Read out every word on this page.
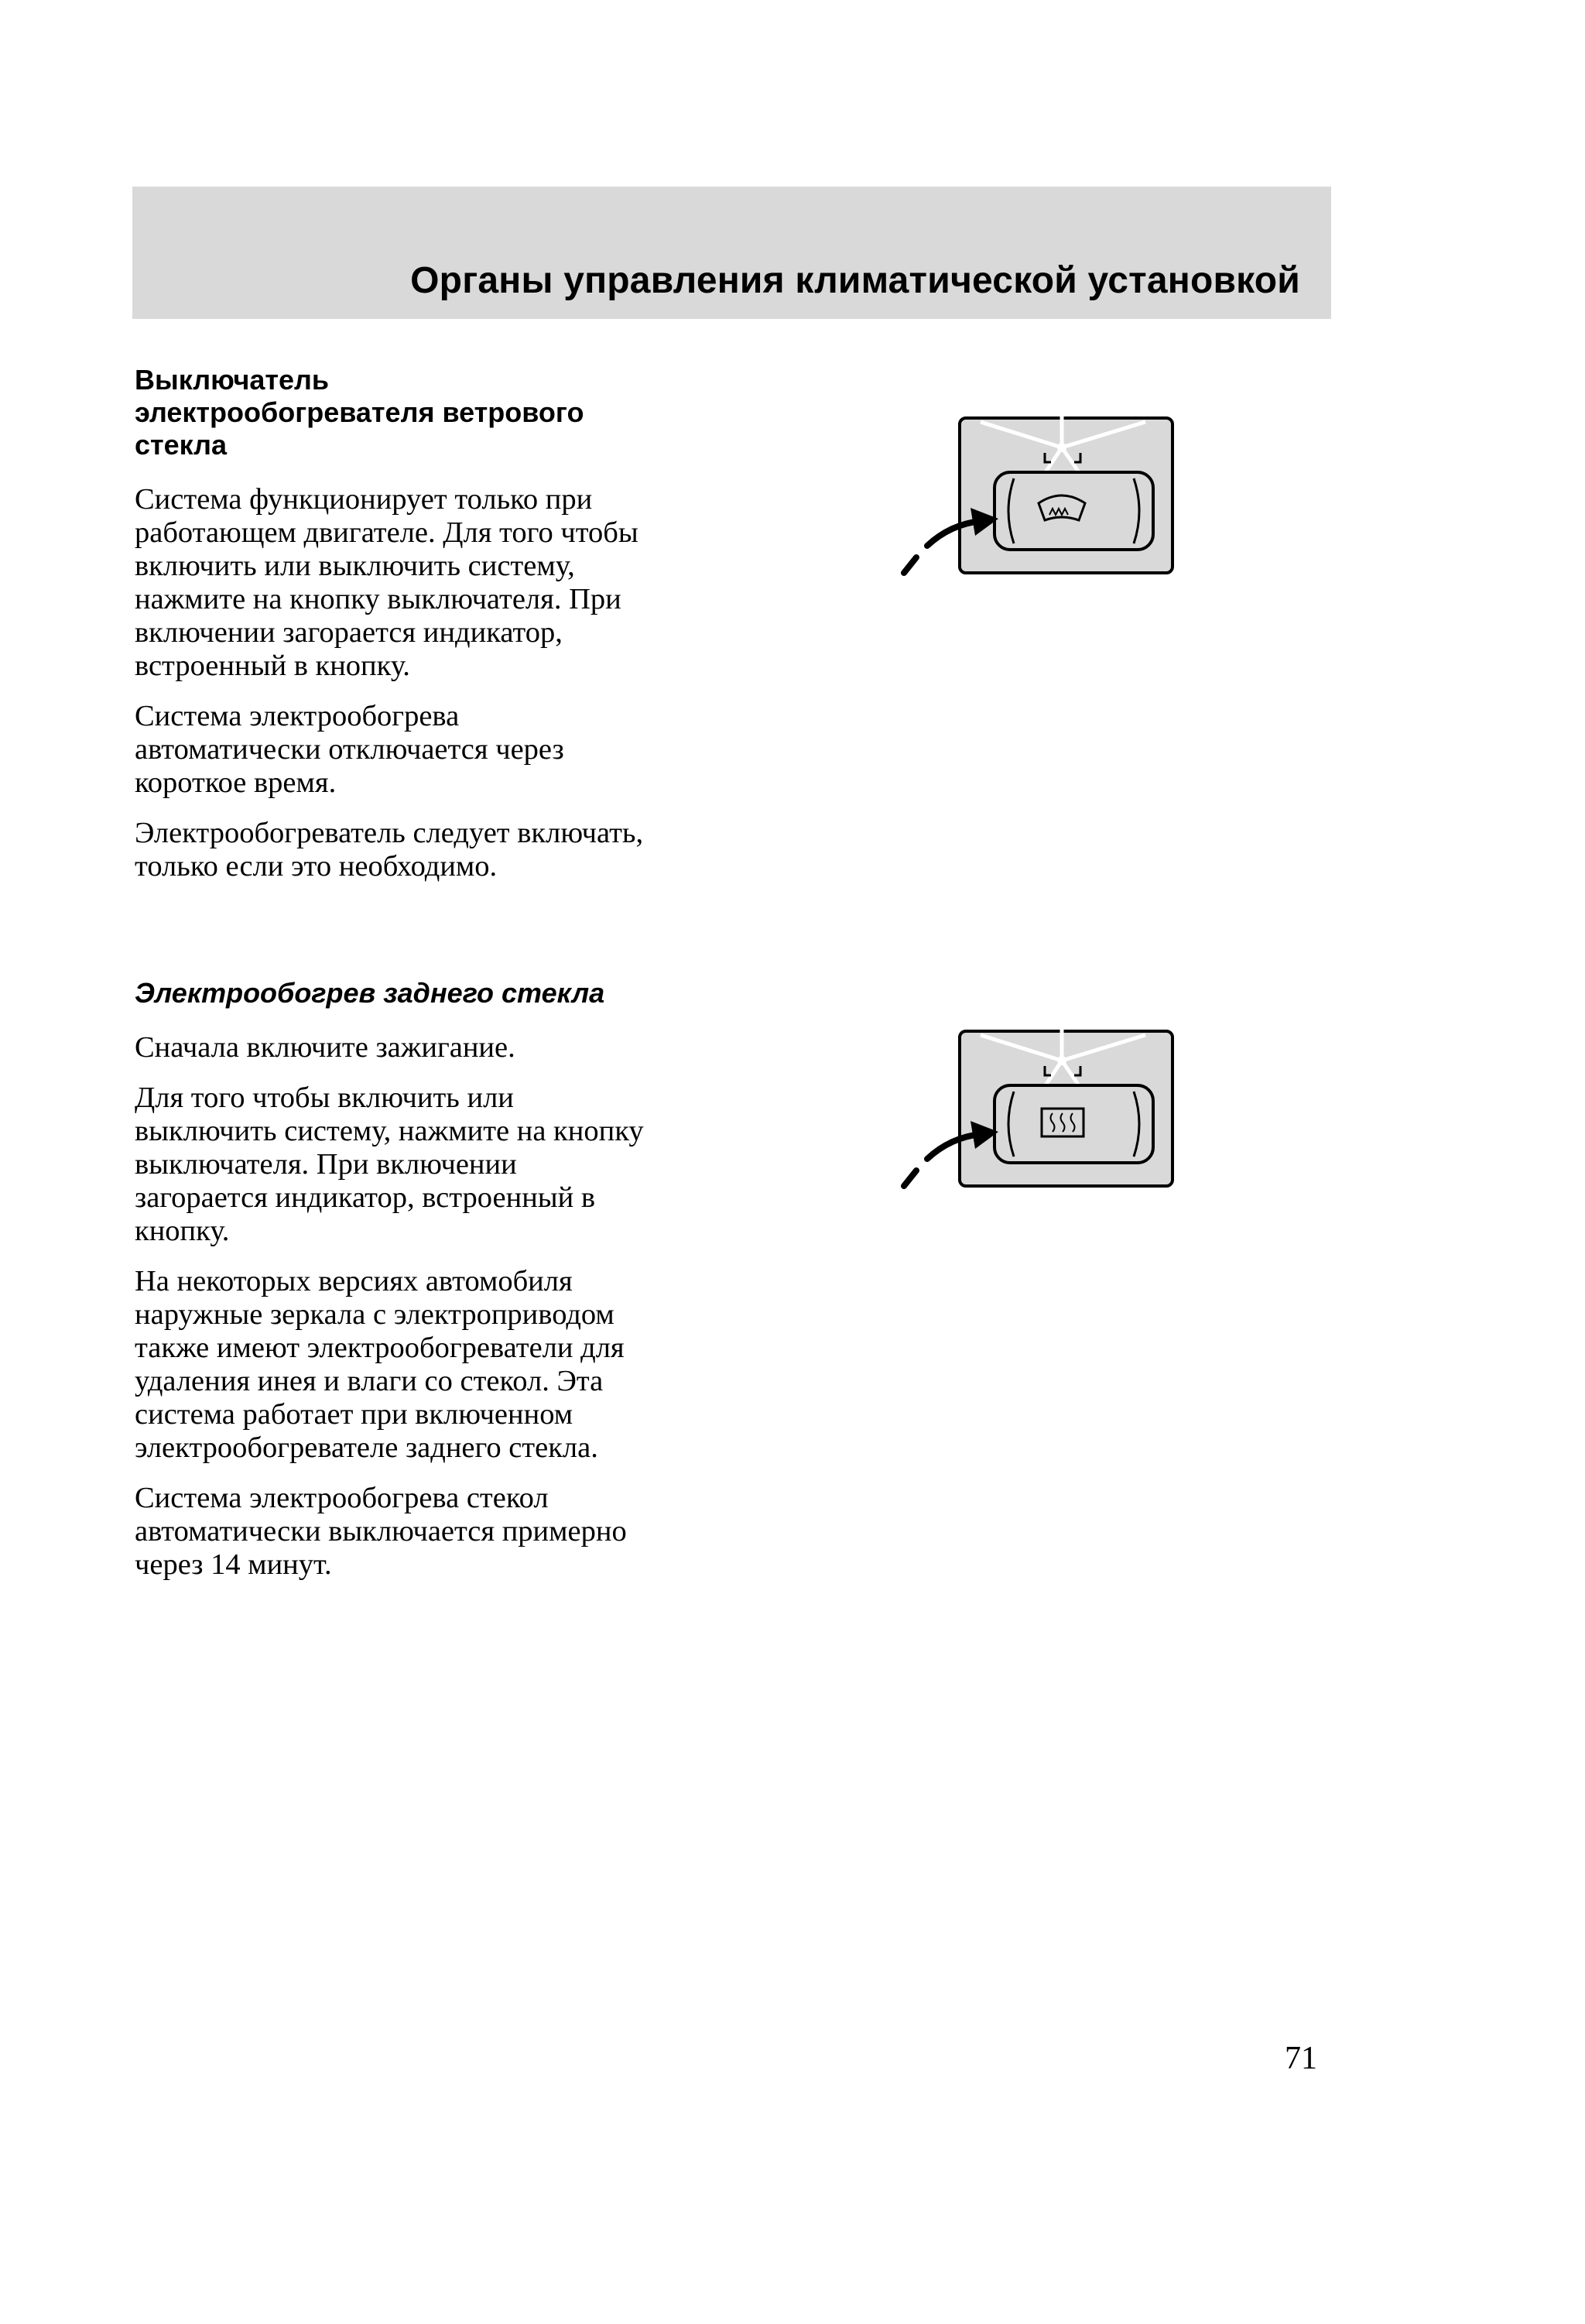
Органы управления климатической установкой
Выключатель
электрообогревателя ветрового
стекла
Система функционирует только при
работающем двигателе. Для того чтобы
включить или выключить систему,
нажмите на кнопку выключателя. При
включении загорается индикатор,
встроенный в кнопку.
Система электрообогрева
автоматически отключается через
короткое время.
Электрообогреватель следует включать,
только если это необходимо.
Электрообогрев заднего стекла
Сначала включите зажигание.
Для того чтобы включить или
выключить систему, нажмите на кнопку
выключателя. При включении
загорается индикатор, встроенный в
кнопку.
На некоторых версиях автомобиля
наружные зеркала с электроприводом
также имеют электрообогреватели для
удаления инея и влаги со стекол. Эта
система работает при включенном
электрообогревателе заднего стекла.
Система электрообогрева стекол
автоматически выключается примерно
через 14 минут.
71
